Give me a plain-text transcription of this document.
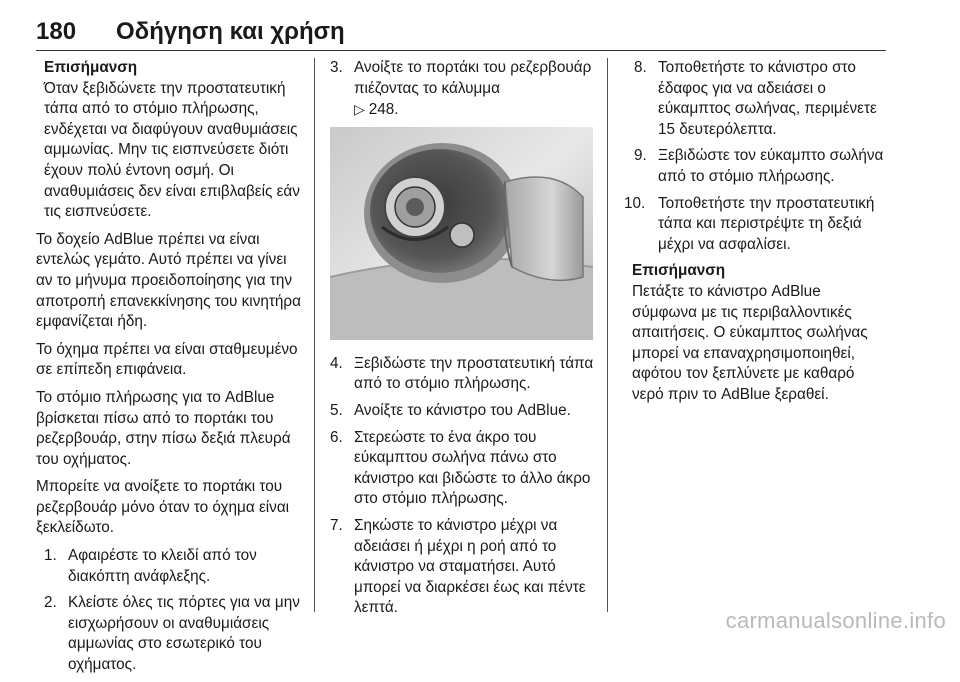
180 Οδήγηση και χρήση
Επισήμανση
Όταν ξεβιδώνετε την προστατευτική τάπα από το στόμιο πλήρωσης, ενδέχεται να διαφύγουν αναθυμιάσεις αμμωνίας. Μην τις εισπνεύσετε διότι έχουν πολύ έντονη οσμή. Οι αναθυμιάσεις δεν είναι επιβλαβείς εάν τις εισπνεύσετε.

Το δοχείο AdBlue πρέπει να είναι εντελώς γεμάτο. Αυτό πρέπει να γίνει αν το μήνυμα προειδοποίησης για την αποτροπή επανεκκίνησης του κινητήρα εμφανίζεται ήδη.

Το όχημα πρέπει να είναι σταθμευμένο σε επίπεδη επιφάνεια.

Το στόμιο πλήρωσης για το AdBlue βρίσκεται πίσω από το πορτάκι του ρεζερβουάρ, στην πίσω δεξιά πλευρά του οχήματος.

Μπορείτε να ανοίξετε το πορτάκι του ρεζερβουάρ μόνο όταν το όχημα είναι ξεκλείδωτο.

1. Αφαιρέστε το κλειδί από τον διακόπτη ανάφλεξης.
2. Κλείστε όλες τις πόρτες για να μην εισχωρήσουν οι αναθυμιάσεις αμμωνίας στο εσωτερικό του οχήματος.
3. Ανοίξτε το πορτάκι του ρεζερβουάρ πιέζοντας το κάλυμμα
▷ 248.
4. Ξεβιδώστε την προστατευτική τάπα από το στόμιο πλήρωσης.
5. Ανοίξτε το κάνιστρο του AdBlue.
6. Στερεώστε το ένα άκρο του εύκαμπτου σωλήνα πάνω στο κάνιστρο και βιδώστε το άλλο άκρο στο στόμιο πλήρωσης.
7. Σηκώστε το κάνιστρο μέχρι να αδειάσει ή μέχρι η ροή από το κάνιστρο να σταματήσει. Αυτό μπορεί να διαρκέσει έως και πέντε λεπτά.
8. Τοποθετήστε το κάνιστρο στο έδαφος για να αδειάσει ο εύκαμπτος σωλήνας, περιμένετε 15 δευτερόλεπτα.
9. Ξεβιδώστε τον εύκαμπτο σωλήνα από το στόμιο πλήρωσης.
10. Τοποθετήστε την προστατευτική τάπα και περιστρέψτε τη δεξιά μέχρι να ασφαλίσει.
Επισήμανση
Πετάξτε το κάνιστρο AdBlue σύμφωνα με τις περιβαλλοντικές απαιτήσεις. Ο εύκαμπτος σωλήνας μπορεί να επαναχρησιμοποιηθεί, αφότου τον ξεπλύνετε με καθαρό νερό πριν το AdBlue ξεραθεί.
carmanualsonline.info
